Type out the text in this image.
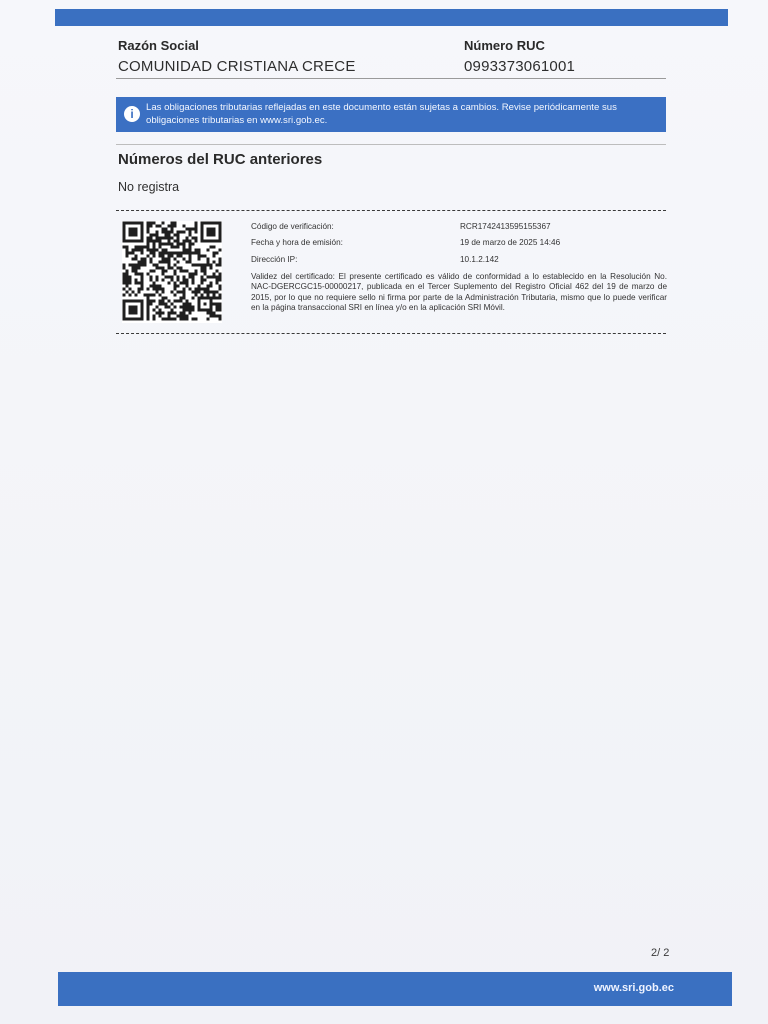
Razón Social
COMUNIDAD CRISTIANA CRECE
Número RUC
0993373061001
i	Las obligaciones tributarias reflejadas en este documento están sujetas a cambios. Revise periódicamente sus obligaciones tributarias en www.sri.gob.ec.
Números del RUC anteriores
No registra
Código de verificación:	RCR1742413595155367
Fecha y hora de emisión:	19 de marzo de 2025 14:46
Dirección IP:	10.1.2.142
Validez del certificado: El presente certificado es válido de conformidad a lo establecido en la Resolución No. NAC-DGERCGC15-00000217, publicada en el Tercer Suplemento del Registro Oficial 462 del 19 de marzo de 2015, por lo que no requiere sello ni firma por parte de la Administración Tributaria, mismo que lo puede verificar en la página transaccional SRI en línea y/o en la aplicación SRI Móvil.
2/ 2
www.sri.gob.ec
